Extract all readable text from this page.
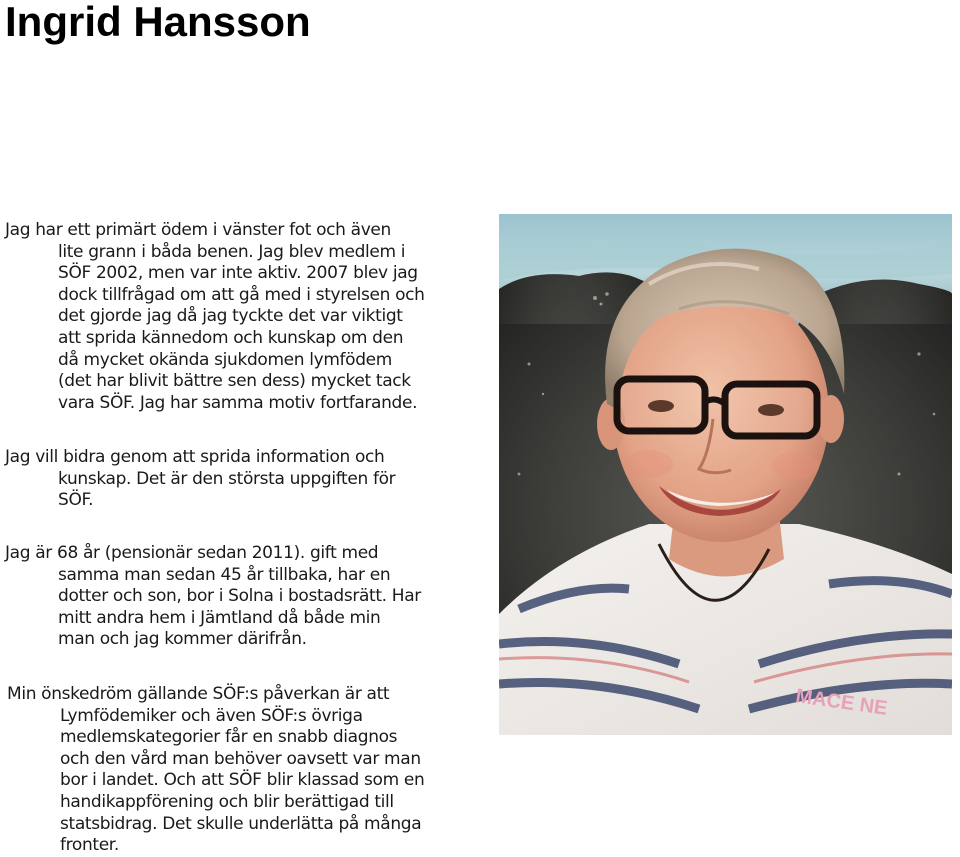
Ingrid Hansson
Jag har ett primärt ödem i vänster fot och även
lite grann i båda benen. Jag blev medlem i
SÖF 2002, men var inte aktiv. 2007 blev jag
dock tillfrågad om att gå med i styrelsen och
det gjorde jag då jag tyckte det var viktigt
att sprida kännedom och kunskap om den
då mycket okända sjukdomen lymfödem
(det har blivit bättre sen dess) mycket tack
vara SÖF. Jag har samma motiv fortfarande.
Jag vill bidra genom att sprida information och
kunskap. Det är den största uppgiften för
SÖF.
Jag är 68 år (pensionär sedan 2011). gift med
samma man sedan 45 år tillbaka, har en
dotter och son, bor i Solna i bostadsrätt. Har
mitt andra hem i Jämtland då både min
man och jag kommer därifrån.
Min önskedröm gällande SÖF:s påverkan är att
Lymfödemiker och även SÖF:s övriga
medlemskategorier får en snabb diagnos
och den vård man behöver oavsett var man
bor i landet. Och att SÖF blir klassad som en
handikappförening och blir berättigad till
statsbidrag. Det skulle underlätta på många
fronter.
MACE NE
